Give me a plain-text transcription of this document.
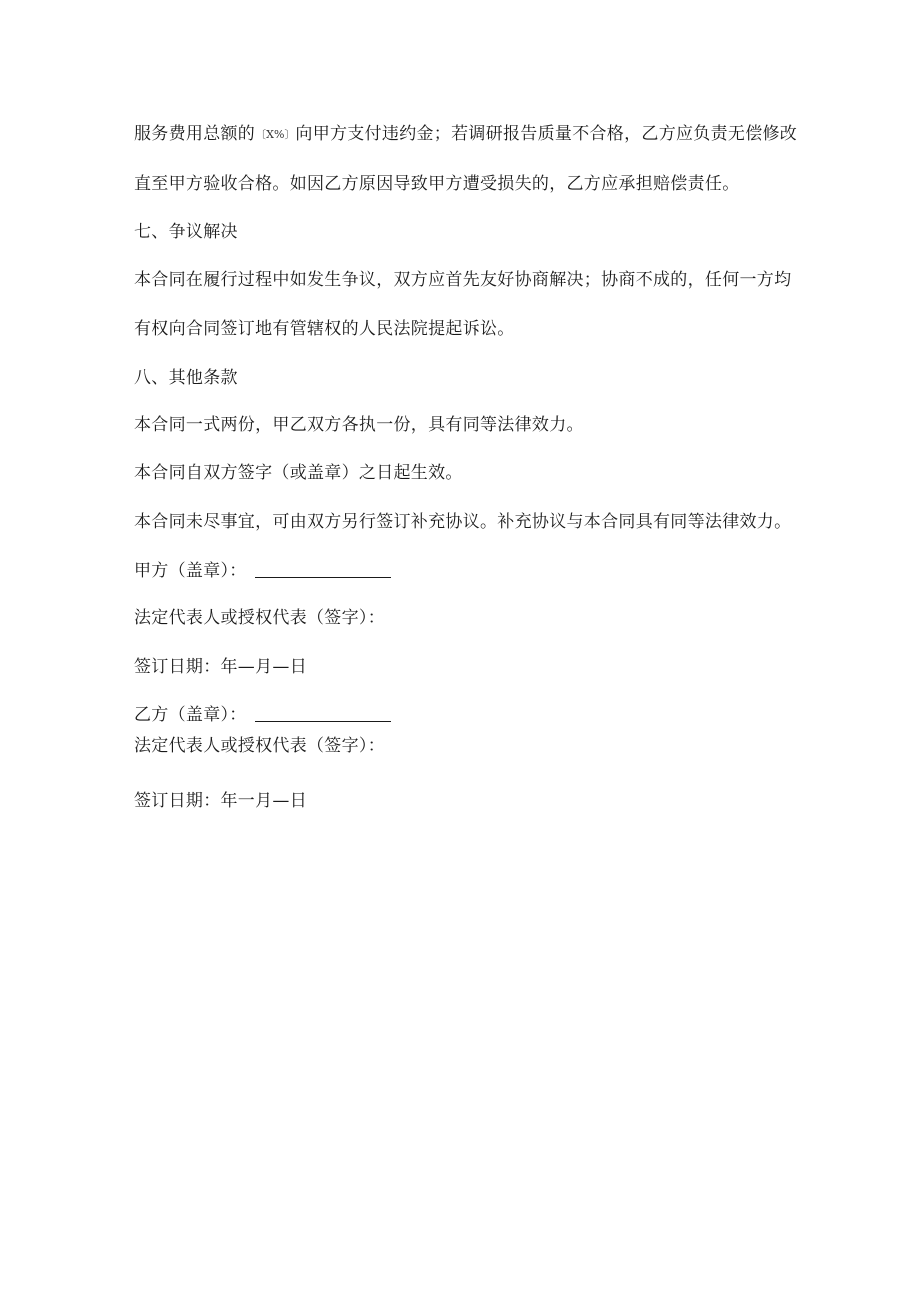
服务费用总额的〔X%〕向甲方支付违约金；若调研报告质量不合格，乙方应负责无偿修改
直至甲方验收合格。如因乙方原因导致甲方遭受损失的，乙方应承担赔偿责任。
七、争议解决
本合同在履行过程中如发生争议，双方应首先友好协商解决；协商不成的，任何一方均
有权向合同签订地有管辖权的人民法院提起诉讼。
八、其他条款
本合同一式两份，甲乙双方各执一份，具有同等法律效力。
本合同自双方签字（或盖章）之日起生效。
本合同未尽事宜，可由双方另行签订补充协议。补充协议与本合同具有同等法律效力。
甲方（盖章）：
法定代表人或授权代表（签字）：
签订日期：年—月—日
乙方（盖章）：
法定代表人或授权代表（签字）：
签订日期：年一月—日
